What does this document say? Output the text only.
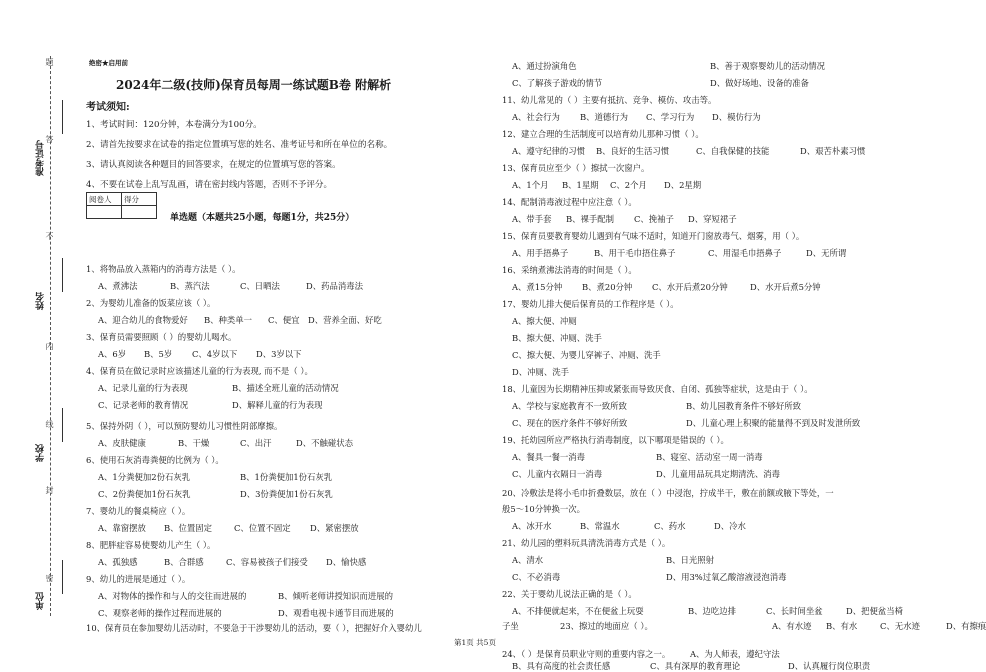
题
答
不
内
线
封
密
准考证号
姓名
学校
单位
绝密★启用前
2024年二级(技师)保育员每周一练试题B卷 附解析
考试须知:
1、考试时间：120分钟，本卷满分为100分。
2、请首先按要求在试卷的指定位置填写您的姓名、准考证号和所在单位的名称。
3、请认真阅读各种题目的回答要求，在规定的位置填写您的答案。
4、不要在试卷上乱写乱画，请在密封线内答题，否则不予评分。
阅卷人	得分

单选题（本题共25小题，每题1分，共25分）
1、将物品放入蒸箱内的消毒方法是（ ）。
A、煮沸法	B、蒸汽法	C、日晒法	D、药品消毒法
2、为婴幼儿准备的饭菜应该（ ）。
A、迎合幼儿的食物爱好 B、种类单一 C、便宜 D、营养全面、好吃
3、保育员需要照顾（ ）的婴幼儿喝水。
A、6岁 B、5岁 C、4岁以下 D、3岁以下
4、保育员在做记录时应该描述儿童的行为表现, 而不是（ ）。
A、记录儿童的行为表现	B、描述全班儿童的活动情况
C、记录老师的教育情况	D、解释儿童的行为表现
5、保持外阴（ ），可以预防婴幼儿习惯性阴部摩擦。
A、皮肤健康	B、干燥	C、出汗	D、不触碰状态
6、使用石灰消毒粪便的比例为（ ）。
A、1分粪便加2份石灰乳	B、1份粪便加1份石灰乳
C、2份粪便加1份石灰乳	D、3份粪便加1份石灰乳
7、婴幼儿的餐桌椅应（ ）。
A、靠窗摆放 B、位置固定	C、位置不固定 D、紧密摆放
8、肥胖症容易使婴幼儿产生（ ）。
A、孤独感	B、合群感	C、容易被孩子们接受 D、愉快感
9、幼儿的进展是通过（ ）。
A、对物体的操作和与人的交往而进展的	B、倾听老师讲授知识而进展的
C、观察老师的操作过程而进展的	D、观看电视卡通节目而进展的
10、保育员在参加婴幼儿活动时，不要急于干涉婴幼儿的活动，要（ ），把握好介入婴幼儿
A、通过扮演角色	B、善于观察婴幼儿的活动情况
C、了解孩子游戏的情节	D、做好场地、设备的准备
11、幼儿常见的（ ）主要有抵抗、竞争、模仿、攻击等。
A、社会行为 B、道德行为 C、学习行为 D、模仿行为
12、建立合理的生活制度可以培育幼儿那种习惯（ ）。
A、遵守纪律的习惯 B、良好的生活习惯	C、自我保健的技能	D、艰苦朴素习惯
13、保育员应至少（ ）擦拭一次窗户。
A、1个月 B、1星期 C、2个月 D、2星期
14、配制消毒液过程中应注意（ ）。
A、带手套 B、裸手配制 C、挽袖子 D、穿短裙子
15、保育员要教育婴幼儿遇到有气味不适时，知道开门窗放毒气、烟雾，用（ ）。
A、用手捂鼻子	B、用干毛巾捂住鼻子	C、用湿毛巾捂鼻子	D、无所谓
16、采纳煮沸法消毒的时间是（ ）。
A、煮15分钟 B、煮20分钟 C、水开后煮20分钟	D、水开后煮5分钟
17、婴幼儿排大便后保育员的工作程序是（ ）。
A、擦大便、冲厕
B、擦大便、冲厕、洗手
C、擦大便、为婴儿穿裤子、冲厕、洗手
D、冲厕、洗手
18、儿童因为长期精神压抑或紧张而导致厌食、自闭、孤独等症状，这是由于（ ）。
A、学校与家庭教育不一致所致	B、幼儿园教育条件不够好所致
C、现在的医疗条件不够好所致	D、儿童心理上积聚的能量得不到及时发泄所致
19、托幼园所应严格执行消毒制度，以下哪项是错误的（ ）。
A、餐具一餐一消毒	B、寝室、活动室一周一消毒
C、儿童内衣隔日一消毒	D、儿童用品玩具定期清洗、消毒
20、冷敷法是将小毛巾折叠数层，放在（ ）中浸泡，拧成半干，敷在前额或腋下等处，一
般5～10分钟换一次。
A、冰开水	B、常温水	C、药水	D、冷水
21、幼儿园的塑料玩具清洗消毒方式是（ ）。
A、清水	B、日光照射
C、不必消毒	D、用3%过氧乙酸溶液浸泡消毒
22、关于婴幼儿说法正确的是（ ）。
A、不排便就起来，不在便盆上玩耍	B、边吃边排	C、长时间坐盆	D、把便盆当椅
子坐
第1页 共5页
23、擦过的地面应（ ）。	A、有水迹 B、有水	C、无水迹	D、有擦痕
24、（ ）是保育员职业守则的重要内容之一。 A、为人师表，遵纪守法
B、具有高度的社会责任感	C、具有深厚的教育理论	D、认真履行岗位职责
